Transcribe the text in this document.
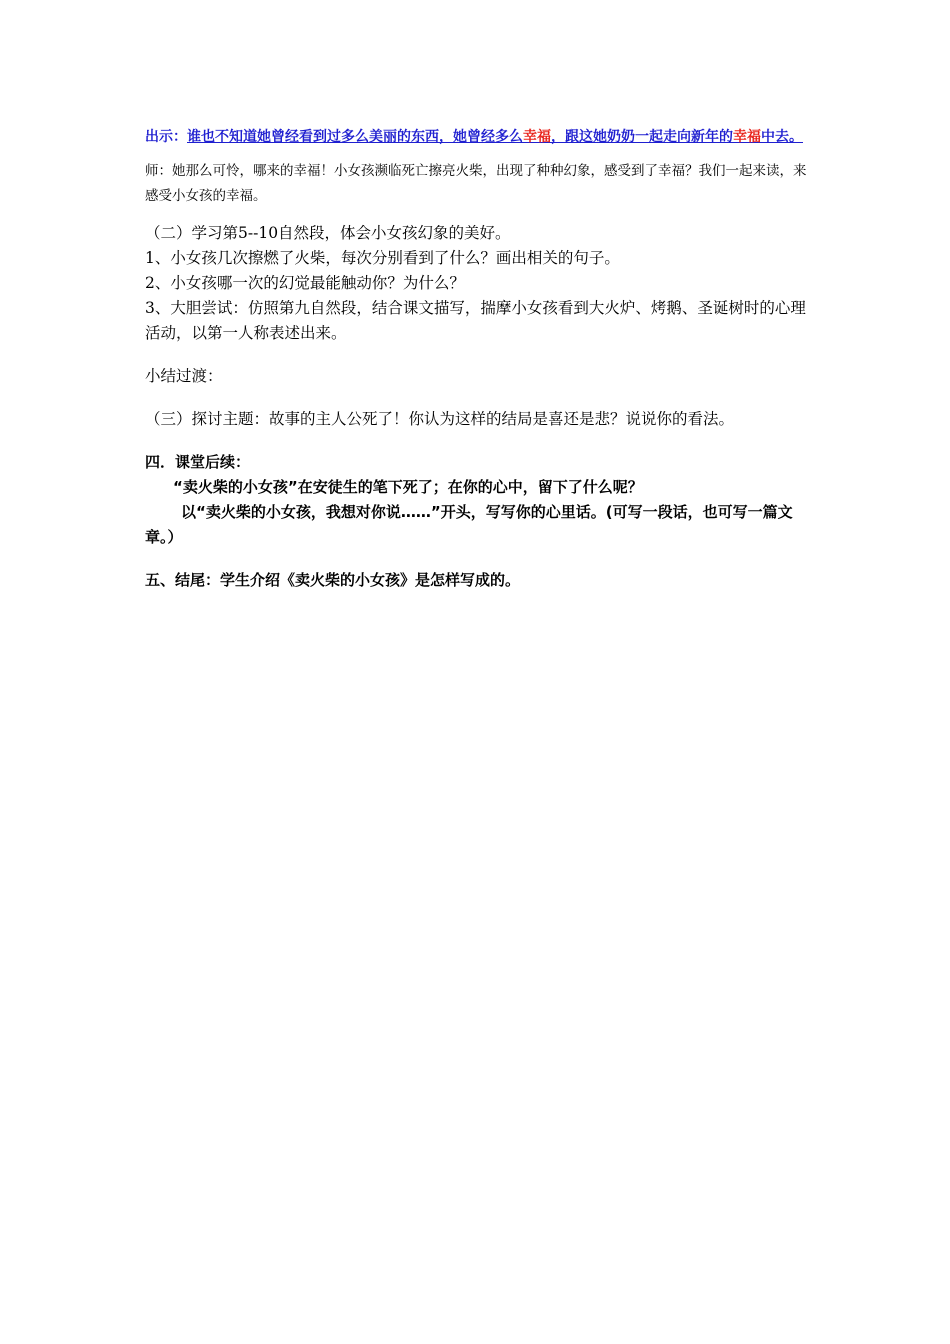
出示：谁也不知道她曾经看到过多么美丽的东西，她曾经多么幸福，跟这她奶奶一起走向新年的幸福中去。

师：她那么可怜，哪来的幸福！小女孩濒临死亡擦亮火柴，出现了种种幻象，感受到了幸福？我们一起来读，来感受小女孩的幸福。

（二）学习第5--10自然段，体会小女孩幻象的美好。
1、小女孩几次擦燃了火柴，每次分别看到了什么？画出相关的句子。
2、小女孩哪一次的幻觉最能触动你？为什么？
3、大胆尝试：仿照第九自然段，结合课文描写，揣摩小女孩看到大火炉、烤鹅、圣诞树时的心理活动，以第一人称表述出来。

小结过渡：

（三）探讨主题：故事的主人公死了！你认为这样的结局是喜还是悲？说说你的看法。

四．课堂后续：
“卖火柴的小女孩”在安徒生的笔下死了；在你的心中，留下了什么呢？
以“卖火柴的小女孩，我想对你说……”开头，写写你的心里话。(可写一段话，也可写一篇文章。）

五、结尾：学生介绍《卖火柴的小女孩》是怎样写成的。
